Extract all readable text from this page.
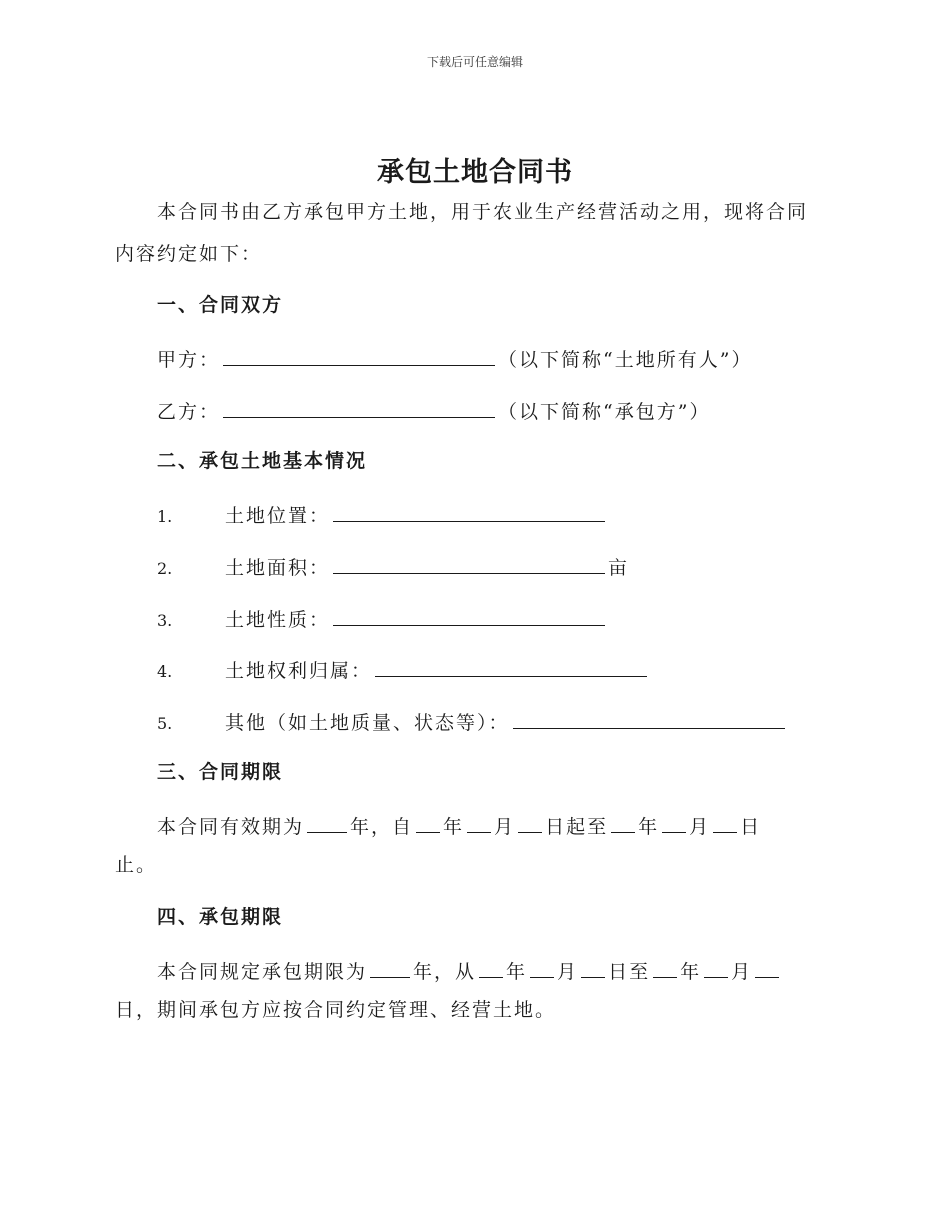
下载后可任意编辑
承包土地合同书
本合同书由乙方承包甲方土地，用于农业生产经营活动之用，现将合同
内容约定如下：
一、合同双方
甲方：	（以下简称“土地所有人”）
乙方：	（以下简称“承包方”）
二、承包土地基本情况
1.	土地位置：
2.	土地面积：	亩
3.	土地性质：
4.	土地权利归属：
5.	其他（如土地质量、状态等）：
三、合同期限
本合同有效期为 年，自 年 月 日起至 年 月 日
止。
四、承包期限
本合同规定承包期限为 年，从 年 月 日至 年 月
日，期间承包方应按合同约定管理、经营土地。
